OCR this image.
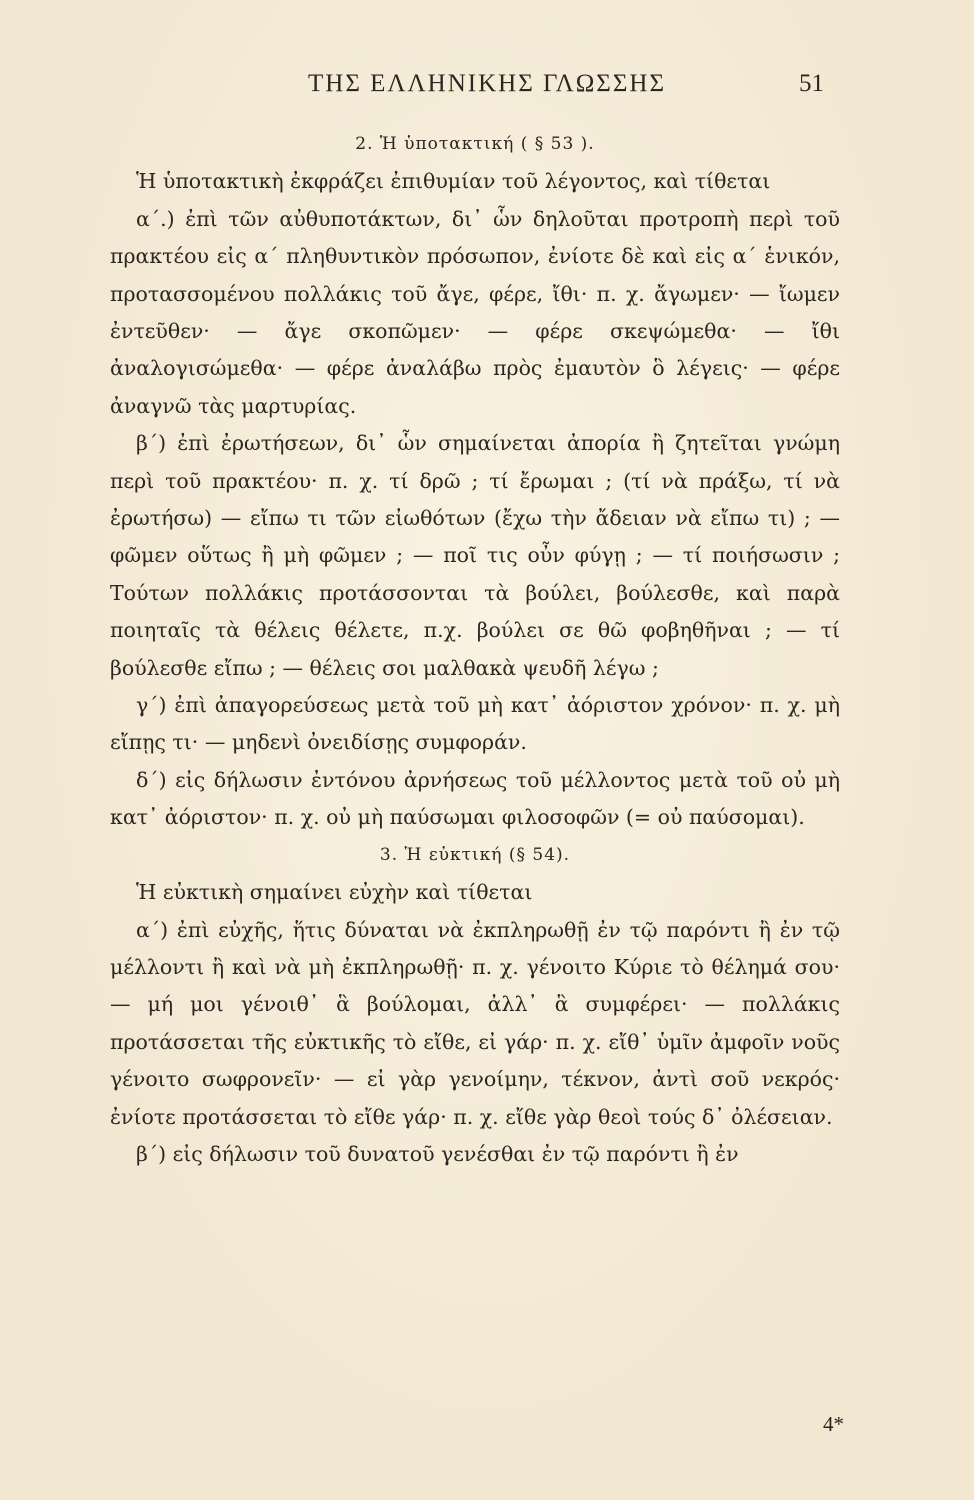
ΤΗΣ ΕΛΛΗΝΙΚΗΣ ΓΛΩΣΣΗΣ	51
2. Ἡ ὑποτακτική ( § 53 ).

Ἡ ὑποτακτικὴ ἐκφράζει ἐπιθυμίαν τοῦ λέγοντος, καὶ τίθεται

α΄.) ἐπὶ τῶν αὐθυποτάκτων, δι᾽ ὧν δηλοῦται προτροπὴ περὶ τοῦ πρακτέου εἰς α΄ πληθυντικὸν πρόσωπον, ἐνίοτε δὲ καὶ εἰς α΄ ἑνικόν, προτασσομένου πολλάκις τοῦ ἄγε, φέρε, ἴθι· π. χ. ἄγωμεν· — ἴωμεν ἐντεῦθεν· — ἄγε σκοπῶμεν· — φέρε σκεψώμεθα· — ἴθι ἀναλογισώμεθα· — φέρε ἀναλάβω πρὸς ἐμαυτὸν ὃ λέγεις· — φέρε ἀναγνῶ τὰς μαρτυρίας.

β΄) ἐπὶ ἐρωτήσεων, δι᾽ ὧν σημαίνεται ἀπορία ἢ ζητεῖται γνώμη περὶ τοῦ πρακτέου· π. χ. τί δρῶ ; τί ἔρωμαι ; (τί νὰ πράξω, τί νὰ ἐρωτήσω) — εἴπω τι τῶν εἰωθότων (ἔχω τὴν ἄδειαν νὰ εἴπω τι) ; — φῶμεν οὕτως ἢ μὴ φῶμεν ; — ποῖ τις οὖν φύγῃ ; — τί ποιήσωσιν ; Τούτων πολλάκις προτάσσονται τὰ βούλει, βούλεσθε, καὶ παρὰ ποιηταῖς τὰ θέλεις θέλετε, π.χ. βούλει σε θῶ φοβηθῆναι ; — τί βούλεσθε εἴπω ; — θέλεις σοι μαλθακὰ ψευδῆ λέγω ;

γ΄) ἐπὶ ἀπαγορεύσεως μετὰ τοῦ μὴ κατ᾽ ἀόριστον χρόνον· π. χ. μὴ εἴπῃς τι· — μηδενὶ ὀνειδίσῃς συμφοράν.

δ΄) εἰς δήλωσιν ἐντόνου ἀρνήσεως τοῦ μέλλοντος μετὰ τοῦ οὐ μὴ κατ᾽ ἀόριστον· π. χ. οὐ μὴ παύσωμαι φιλοσοφῶν (= οὐ παύσομαι).

3. Ἡ εὐκτική (§ 54).

Ἡ εὐκτικὴ σημαίνει εὐχὴν καὶ τίθεται

α΄) ἐπὶ εὐχῆς, ἥτις δύναται νὰ ἐκπληρωθῇ ἐν τῷ παρόντι ἢ ἐν τῷ μέλλοντι ἢ καὶ νὰ μὴ ἐκπληρωθῇ· π. χ. γένοιτο Κύριε τὸ θέλημά σου· — μή μοι γένοιθ᾽ ἃ βούλομαι, ἀλλ᾽ ἃ συμφέρει· — πολλάκις προτάσσεται τῆς εὐκτικῆς τὸ εἴθε, εἰ γάρ· π. χ. εἴθ᾽ ὑμῖν ἀμφοῖν νοῦς γένοιτο σωφρονεῖν· — εἰ γὰρ γενοίμην, τέκνον, ἀντὶ σοῦ νεκρός· ἐνίοτε προτάσσεται τὸ εἴθε γάρ· π. χ. εἴθε γὰρ θεοὶ τούς δ᾽ ὀλέσειαν.

β΄) εἰς δήλωσιν τοῦ δυνατοῦ γενέσθαι ἐν τῷ παρόντι ἢ ἐν

4*
